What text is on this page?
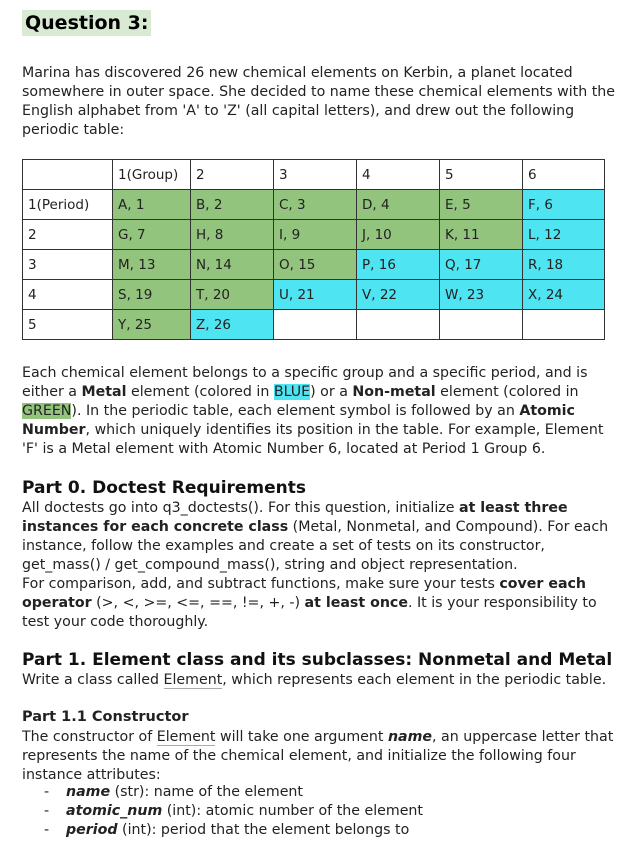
Question 3:

Marina has discovered 26 new chemical elements on Kerbin, a planet located somewhere in outer space. She decided to name these chemical elements with the English alphabet from 'A' to 'Z' (all capital letters), and drew out the following periodic table:

	1(Group)	2	3	4	5	6
1(Period)	A, 1	B, 2	C, 3	D, 4	E, 5	F, 6
2	G, 7	H, 8	I, 9	J, 10	K, 11	L, 12
3	M, 13	N, 14	O, 15	P, 16	Q, 17	R, 18
4	S, 19	T, 20	U, 21	V, 22	W, 23	X, 24
5	Y, 25	Z, 26				

Each chemical element belongs to a specific group and a specific period, and is either a Metal element (colored in BLUE) or a Non-metal element (colored in GREEN). In the periodic table, each element symbol is followed by an Atomic Number, which uniquely identifies its position in the table. For example, Element 'F' is a Metal element with Atomic Number 6, located at Period 1 Group 6.

Part 0. Doctest Requirements

All doctests go into q3_doctests(). For this question, initialize at least three instances for each concrete class (Metal, Nonmetal, and Compound). For each instance, follow the examples and create a set of tests on its constructor, get_mass() / get_compound_mass(), string and object representation.
For comparison, add, and subtract functions, make sure your tests cover each operator (>, <, >=, <=, ==, !=, +, -) at least once. It is your responsibility to test your code thoroughly.

Part 1. Element class and its subclasses: Nonmetal and Metal

Write a class called Element, which represents each element in the periodic table.

Part 1.1 Constructor

The constructor of Element will take one argument name, an uppercase letter that represents the name of the chemical element, and initialize the following four instance attributes:

- name (str): name of the element
- atomic_num (int): atomic number of the element
- period (int): period that the element belongs to
